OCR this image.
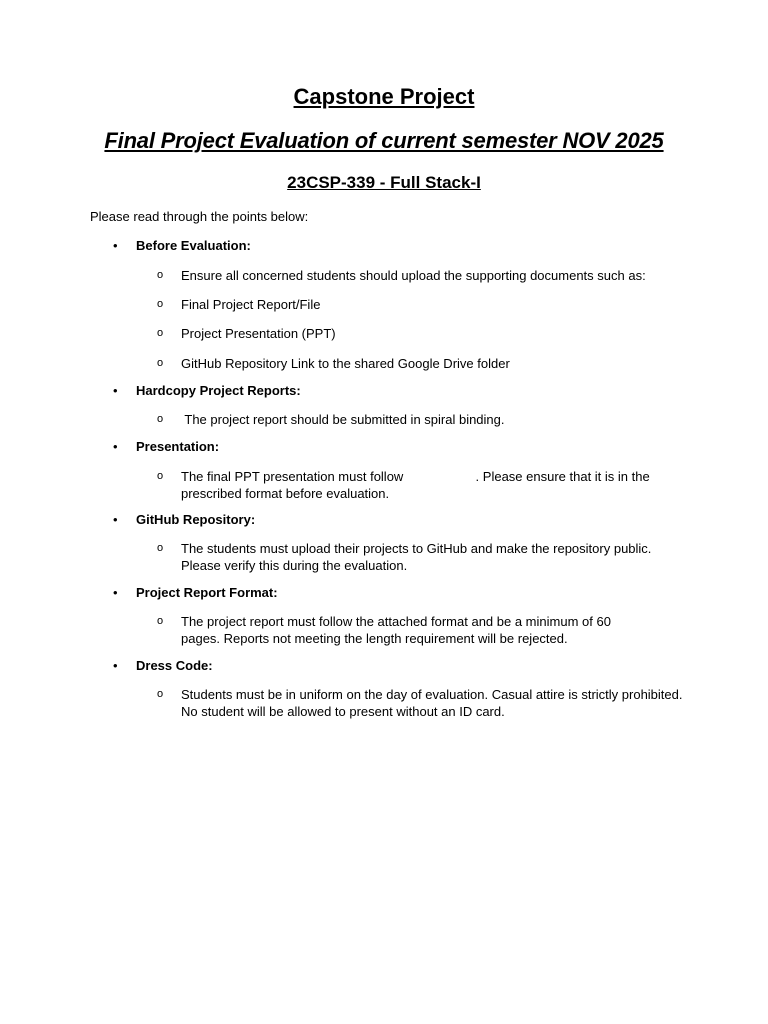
Capstone Project
Final Project Evaluation of current semester NOV 2025
23CSP-339 - Full Stack-I
Please read through the points below:
• Before Evaluation:
o Ensure all concerned students should upload the supporting documents such as:
o Final Project Report/File
o Project Presentation (PPT)
o GitHub Repository Link to the shared Google Drive folder
• Hardcopy Project Reports:
o The project report should be submitted in spiral binding.
• Presentation:
o The final PPT presentation must follow                    . Please ensure that it is in the
prescribed format before evaluation.
• GitHub Repository:
o The students must upload their projects to GitHub and make the repository public.
Please verify this during the evaluation.
• Project Report Format:
o The project report must follow the attached format and be a minimum of 60
pages. Reports not meeting the length requirement will be rejected.
• Dress Code:
o Students must be in uniform on the day of evaluation. Casual attire is strictly prohibited.
No student will be allowed to present without an ID card.
